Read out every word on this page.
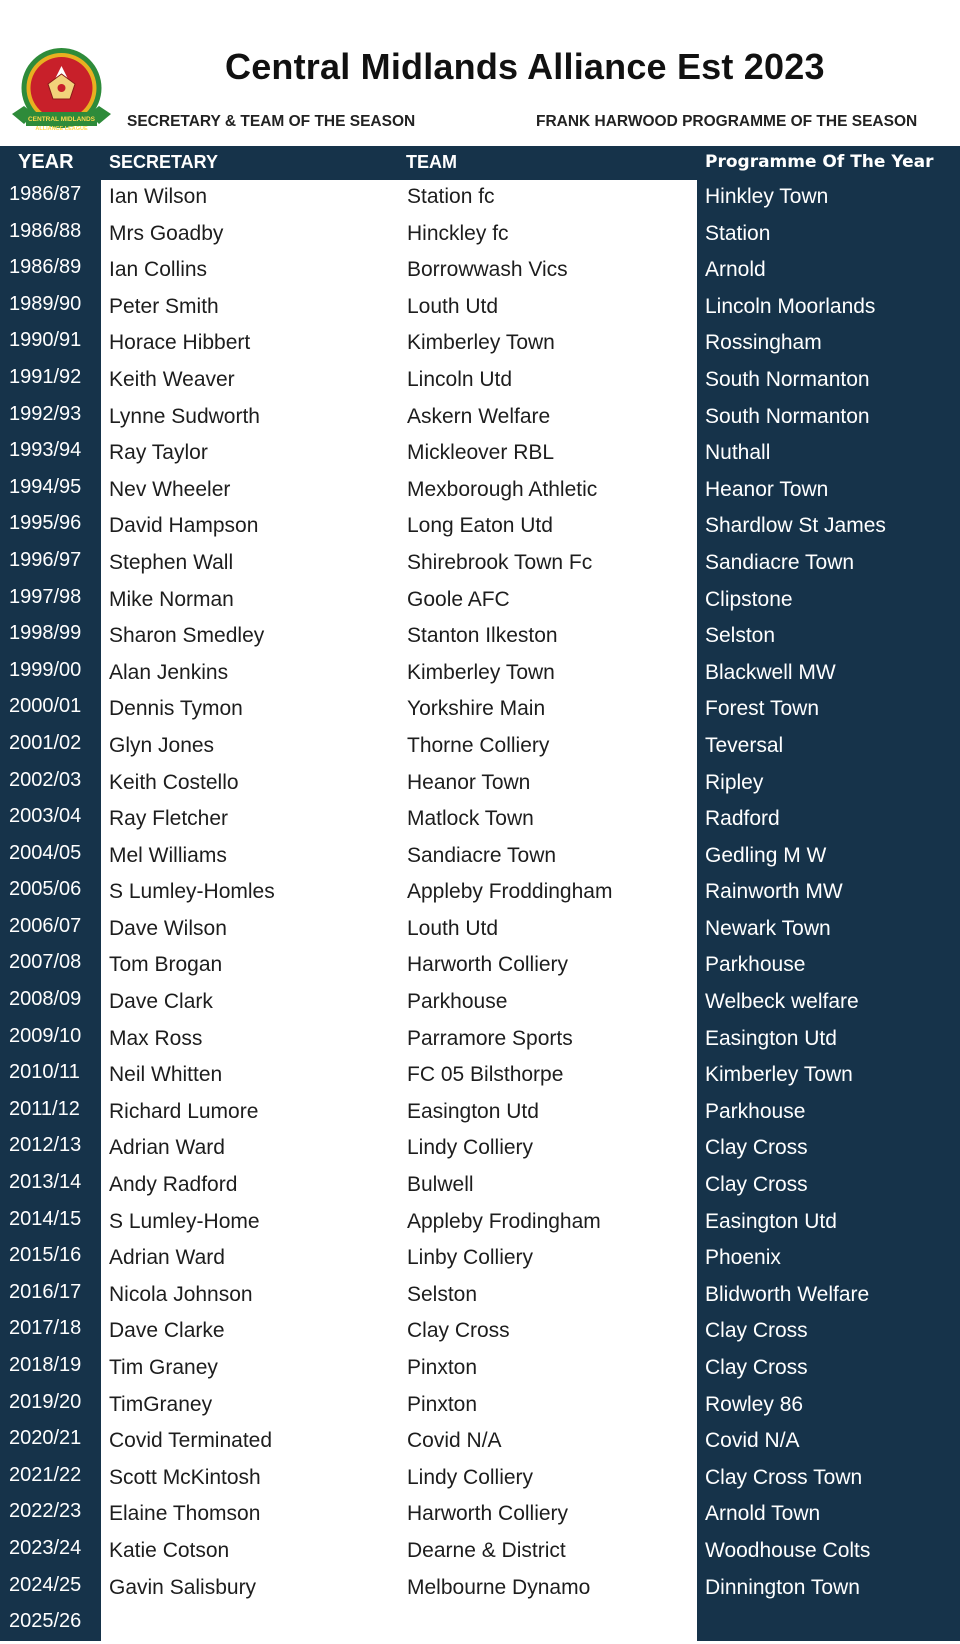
CENTRAL MIDLANDS
ALLIANCE LEAGUE
Central Midlands Alliance Est 2023
SECRETARY & TEAM OF THE SEASON	FRANK HARWOOD PROGRAMME OF THE SEASON
YEAR SECRETARY	TEAM	Programme Of The Year
1986/87 Ian Wilson	Station fc	Hinkley Town
1986/88 Mrs Goadby	Hinckley fc	Station
1986/89 Ian Collins	Borrowwash Vics	Arnold
1989/90 Peter Smith	Louth Utd	Lincoln Moorlands
1990/91 Horace Hibbert	Kimberley Town	Rossingham
1991/92 Keith Weaver	Lincoln Utd	South Normanton
1992/93 Lynne Sudworth	Askern Welfare	South Normanton
1993/94 Ray Taylor	Mickleover RBL	Nuthall
1994/95 Nev Wheeler	Mexborough Athletic	Heanor Town
1995/96 David Hampson	Long Eaton Utd	Shardlow St James
1996/97 Stephen Wall	Shirebrook Town Fc	Sandiacre Town
1997/98 Mike Norman	Goole AFC	Clipstone
1998/99 Sharon Smedley	Stanton Ilkeston	Selston
1999/00 Alan Jenkins	Kimberley Town	Blackwell MW
2000/01 Dennis Tymon	Yorkshire Main	Forest Town
2001/02 Glyn Jones	Thorne Colliery	Teversal
2002/03 Keith Costello	Heanor Town	Ripley
2003/04 Ray Fletcher	Matlock Town	Radford
2004/05 Mel Williams	Sandiacre Town	Gedling M W
2005/06 S Lumley-Homles	Appleby Froddingham	Rainworth MW
2006/07 Dave Wilson	Louth Utd	Newark Town
2007/08 Tom Brogan	Harworth Colliery	Parkhouse
2008/09 Dave Clark	Parkhouse	Welbeck welfare
2009/10 Max Ross	Parramore Sports	Easington Utd
2010/11 Neil Whitten	FC 05 Bilsthorpe	Kimberley Town
2011/12 Richard Lumore	Easington Utd	Parkhouse
2012/13 Adrian Ward	Lindy Colliery	Clay Cross
2013/14 Andy Radford	Bulwell	Clay Cross
2014/15 S Lumley-Home	Appleby Frodingham	Easington Utd
2015/16 Adrian Ward	Linby Colliery	Phoenix
2016/17 Nicola Johnson	Selston	Blidworth Welfare
2017/18 Dave Clarke	Clay Cross	Clay Cross
2018/19 Tim Graney	Pinxton	Clay Cross
2019/20 TimGraney	Pinxton	Rowley 86
2020/21 Covid Terminated	Covid N/A	Covid N/A
2021/22 Scott McKintosh	Lindy Colliery	Clay Cross Town
2022/23 Elaine Thomson	Harworth Colliery	Arnold Town
2023/24 Katie Cotson	Dearne & District	Woodhouse Colts
2024/25 Gavin Salisbury	Melbourne Dynamo	Dinnington Town
2025/26
